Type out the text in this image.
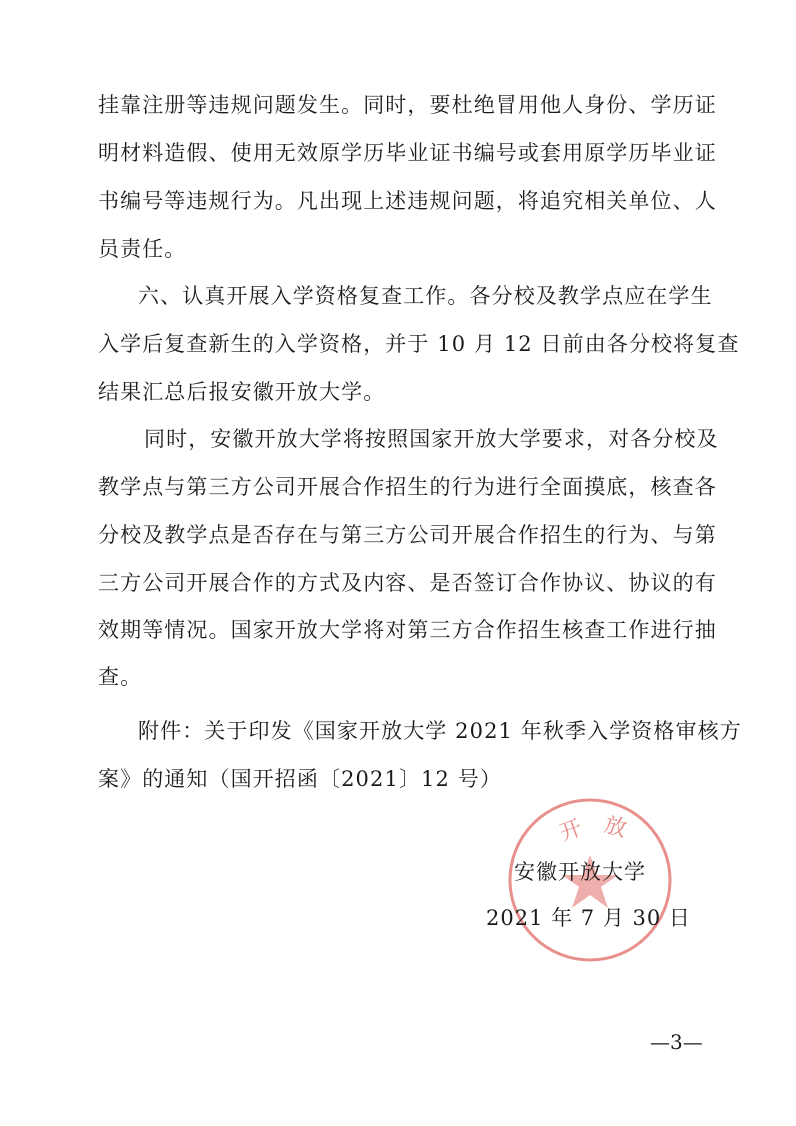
挂靠注册等违规问题发生。同时，要杜绝冒用他人身份、学历证
明材料造假、使用无效原学历毕业证书编号或套用原学历毕业证
书编号等违规行为。凡出现上述违规问题，将追究相关单位、人
员责任。
六、认真开展入学资格复查工作。各分校及教学点应在学生
入学后复查新生的入学资格，并于 10 月 12 日前由各分校将复查
结果汇总后报安徽开放大学。
同时，安徽开放大学将按照国家开放大学要求，对各分校及
教学点与第三方公司开展合作招生的行为进行全面摸底，核查各
分校及教学点是否存在与第三方公司开展合作招生的行为、与第
三方公司开展合作的方式及内容、是否签订合作协议、协议的有
效期等情况。国家开放大学将对第三方合作招生核查工作进行抽
查。
附件：关于印发《国家开放大学 2021 年秋季入学资格审核方
案》的通知（国开招函〔2021〕12 号）
开 放
安徽开放大学
2021 年 7 月 30 日
—3—
